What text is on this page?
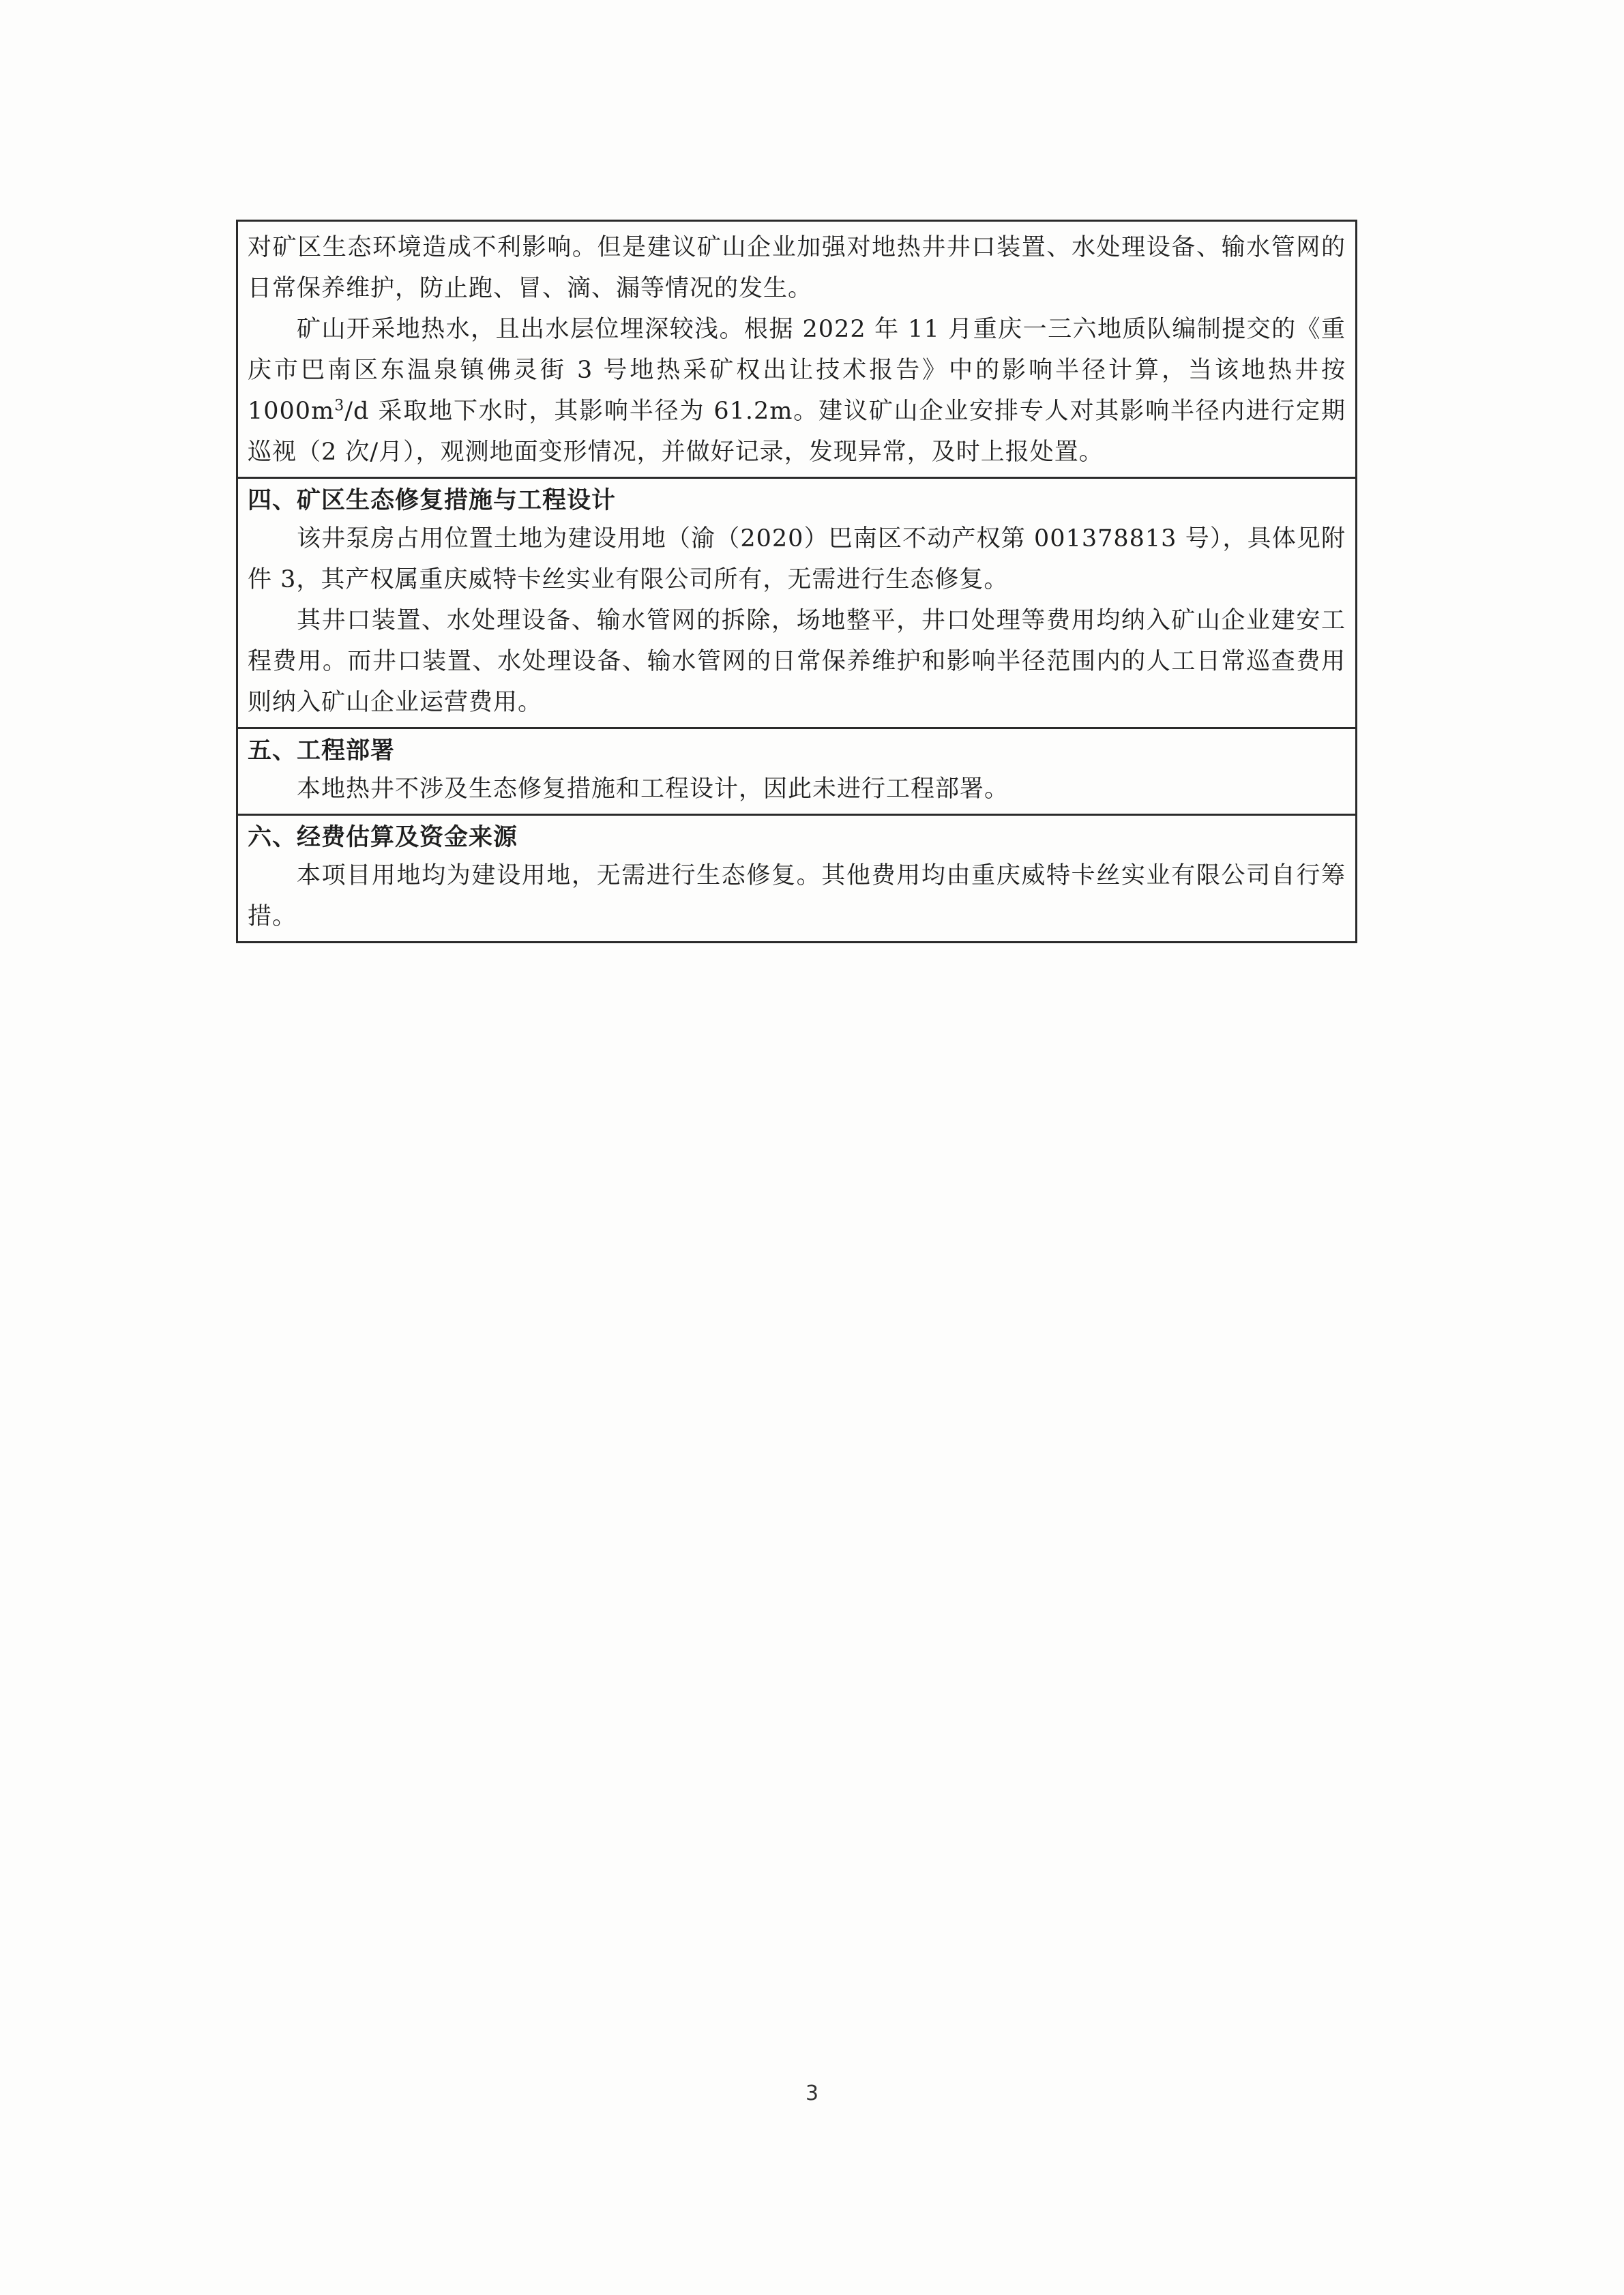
对矿区生态环境造成不利影响。但是建议矿山企业加强对地热井井口装置、水处理设备、输水管网的日常保养维护，防止跑、冒、滴、漏等情况的发生。

矿山开采地热水，且出水层位埋深较浅。根据 2022 年 11 月重庆一三六地质队编制提交的《重庆市巴南区东温泉镇佛灵街 3 号地热采矿权出让技术报告》中的影响半径计算，当该地热井按 $1000m^3/d$ 采取地下水时，其影响半径为 61.2m。建议矿山企业安排专人对其影响半径内进行定期巡视（2 次/月），观测地面变形情况，并做好记录，发现异常，及时上报处置。

四、矿区生态修复措施与工程设计

该井泵房占用位置土地为建设用地（渝（2020）巴南区不动产权第 001378813 号），具体见附件 3，其产权属重庆威特卡丝实业有限公司所有，无需进行生态修复。

其井口装置、水处理设备、输水管网的拆除，场地整平，井口处理等费用均纳入矿山企业建安工程费用。而井口装置、水处理设备、输水管网的日常保养维护和影响半径范围内的人工日常巡查费用则纳入矿山企业运营费用。

五、工程部署

本地热井不涉及生态修复措施和工程设计，因此未进行工程部署。

六、经费估算及资金来源

本项目用地均为建设用地，无需进行生态修复。其他费用均由重庆威特卡丝实业有限公司自行筹措。

3
